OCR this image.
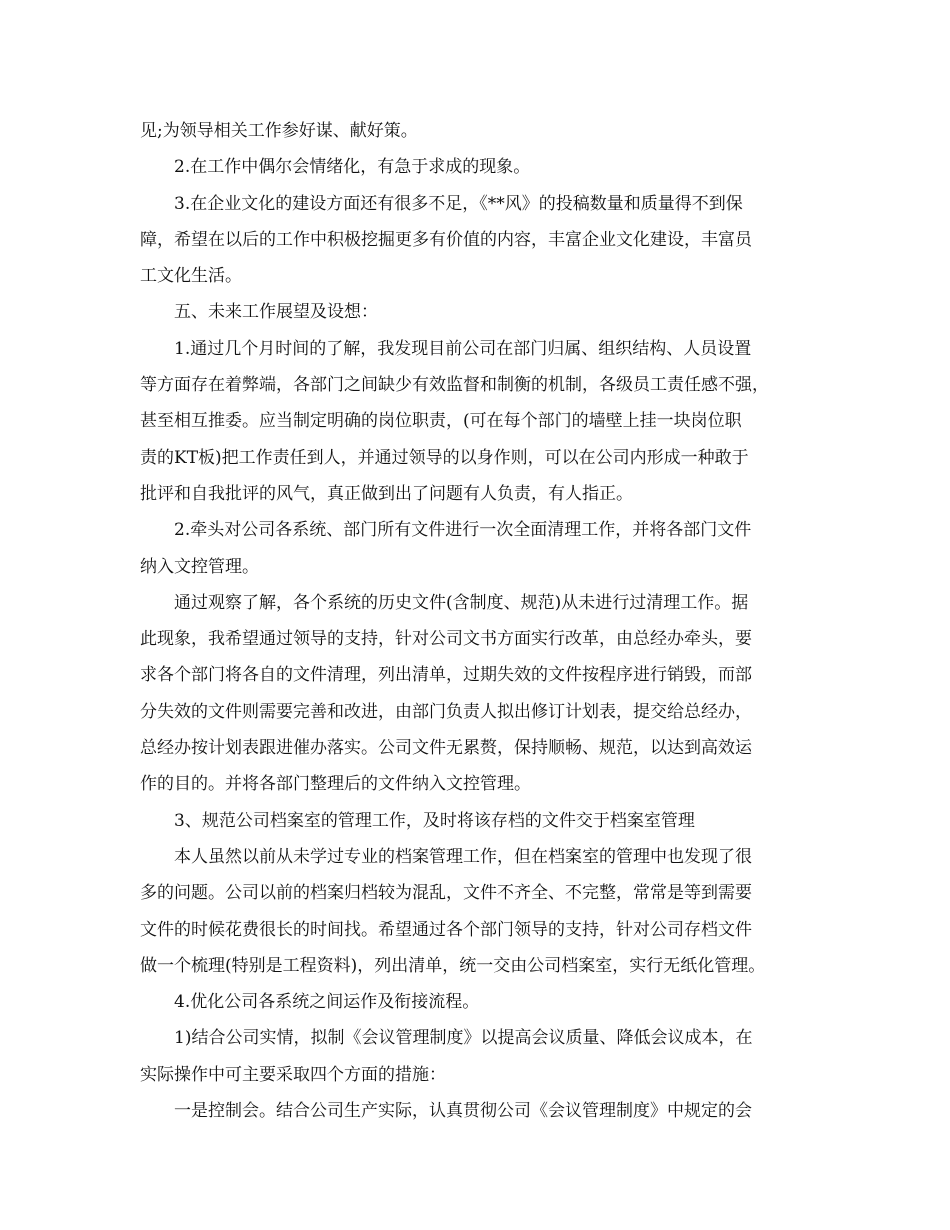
见;为领导相关工作参好谋、献好策。
2.在工作中偶尔会情绪化，有急于求成的现象。
3.在企业文化的建设方面还有很多不足，《**风》的投稿数量和质量得不到保
障，希望在以后的工作中积极挖掘更多有价值的内容，丰富企业文化建设，丰富员
工文化生活。
五、未来工作展望及设想：
1.通过几个月时间的了解，我发现目前公司在部门归属、组织结构、人员设置
等方面存在着弊端，各部门之间缺少有效监督和制衡的机制，各级员工责任感不强，
甚至相互推委。应当制定明确的岗位职责，(可在每个部门的墙壁上挂一块岗位职
责的KT板)把工作责任到人，并通过领导的以身作则，可以在公司内形成一种敢于
批评和自我批评的风气，真正做到出了问题有人负责，有人指正。
2.牵头对公司各系统、部门所有文件进行一次全面清理工作，并将各部门文件
纳入文控管理。
通过观察了解，各个系统的历史文件(含制度、规范)从未进行过清理工作。据
此现象，我希望通过领导的支持，针对公司文书方面实行改革，由总经办牵头，要
求各个部门将各自的文件清理，列出清单，过期失效的文件按程序进行销毁，而部
分失效的文件则需要完善和改进，由部门负责人拟出修订计划表，提交给总经办，
总经办按计划表跟进催办落实。公司文件无累赘，保持顺畅、规范，以达到高效运
作的目的。并将各部门整理后的文件纳入文控管理。
3、规范公司档案室的管理工作，及时将该存档的文件交于档案室管理
本人虽然以前从未学过专业的档案管理工作，但在档案室的管理中也发现了很
多的问题。公司以前的档案归档较为混乱，文件不齐全、不完整，常常是等到需要
文件的时候花费很长的时间找。希望通过各个部门领导的支持，针对公司存档文件
做一个梳理(特别是工程资料)，列出清单，统一交由公司档案室，实行无纸化管理。
4.优化公司各系统之间运作及衔接流程。
1)结合公司实情，拟制《会议管理制度》以提高会议质量、降低会议成本，在
实际操作中可主要采取四个方面的措施：
一是控制会。结合公司生产实际，认真贯彻公司《会议管理制度》中规定的会
